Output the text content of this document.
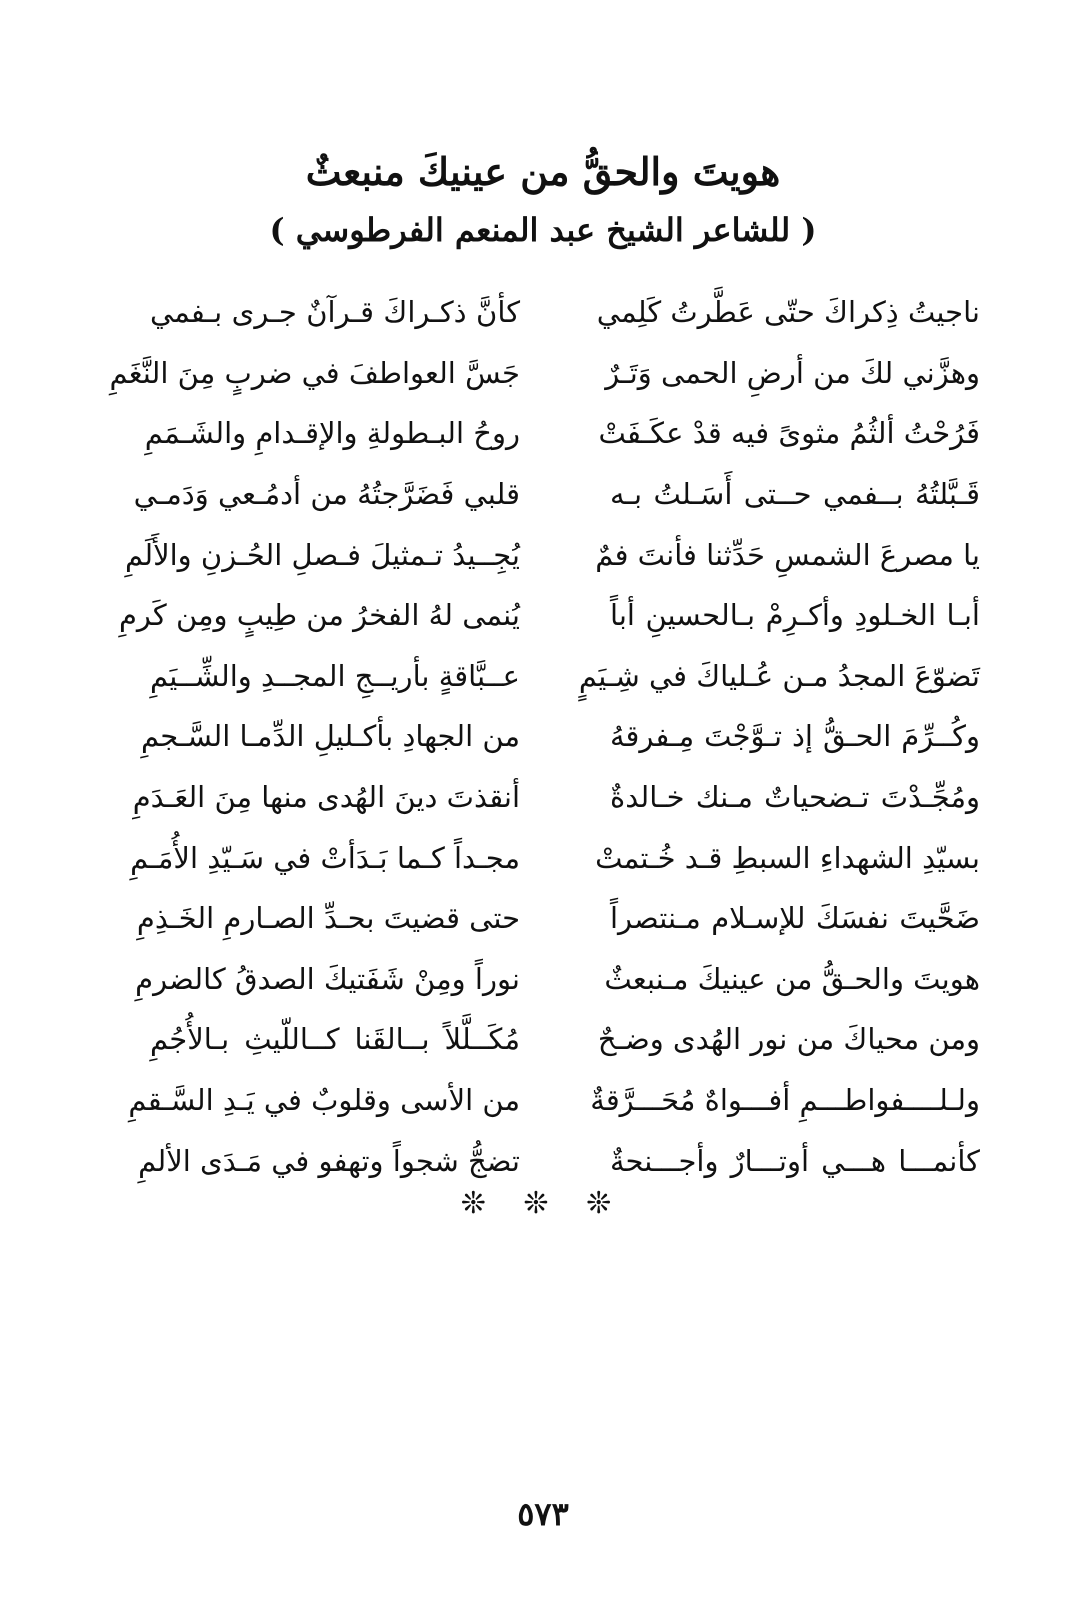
هويتَ والحقُّ من عينيكَ منبعثٌ
( للشاعر الشيخ عبد المنعم الفرطوسي )
ناجيتُ ذِكراكَ حتّى عَطَّرتُ كَلِمي
كأنَّ ذكـراكَ قـرآنٌ جـرى بـفمي
وهزَّني لكَ من أرضِ الحمى وَتَـرٌ
جَسَّ العواطفَ في ضربٍ مِنَ النَّغَمِ
فَرُحْتُ ألثُمُ مثوىً فيه قدْ عكَـفَتْ
روحُ البـطولةِ والإقـدامِ والشَـمَمِ
قَـبَّلتُهُ بــفمي حــتى أَسَـلتُ بـه
قلبي فَضَرَّجتُهُ من أدمُـعي وَدَمـي
يا مصرعَ الشمسِ حَدِّثنا فأنتَ فمٌ
يُجِــيدُ تـمثيلَ فـصلِ الحُـزنِ والأَلَمِ
أبـا الخـلودِ وأكـرِمْ بـالحسينِ أباً
يُنمى لهُ الفخرُ من طِيبٍ ومِن كَرمِ
تَضوّعَ المجدُ مـن عُـلياكَ في شِـيَمٍ
عــبَّاقةٍ بأريــجِ المجــدِ والشِّــيَمِ
وكُــرِّمَ الحـقُّ إذ تـوَّجْتَ مِـفرقهُ
من الجهادِ بأكـليلِ الدِّمـا السَّـجمِ
ومُجِّـدْتَ تـضحياتٌ مـنك خـالدةٌ
أنقذتَ دينَ الهُدى منها مِنَ العَـدَمِ
بسيّدِ الشهداءِ السبطِ قـد خُـتمتْ
مجـداً كـما بَـدَأتْ في سَـيّدِ الأُمَـمِ
ضَحَّيتَ نفسَكَ للإسـلام مـنتصراً
حتى قضيتَ بحـدِّ الصـارمِ الخَـذِمِ
هويتَ والحـقُّ من عينيكَ مـنبعثٌ
نوراً ومِنْ شَفَتيكَ الصدقُ كالضرمِ
ومن محياكَ من نور الهُدى وضـحٌ
مُكَــلَّلاً بــالقَنا كــاللّيثِ بـالأُجُمِ
ولـلــــفواطـــمِ أفـــواهٌ مُحَـــرَّقةٌ
من الأسى وقلوبٌ في يَـدِ السَّـقمِ
كأنمـــا هـــي أوتـــارٌ وأجـــنحةٌ
تضجُّ شجواً وتهفو في مَـدَى الألمِ
❊ ❊ ❊
٥٧٣
